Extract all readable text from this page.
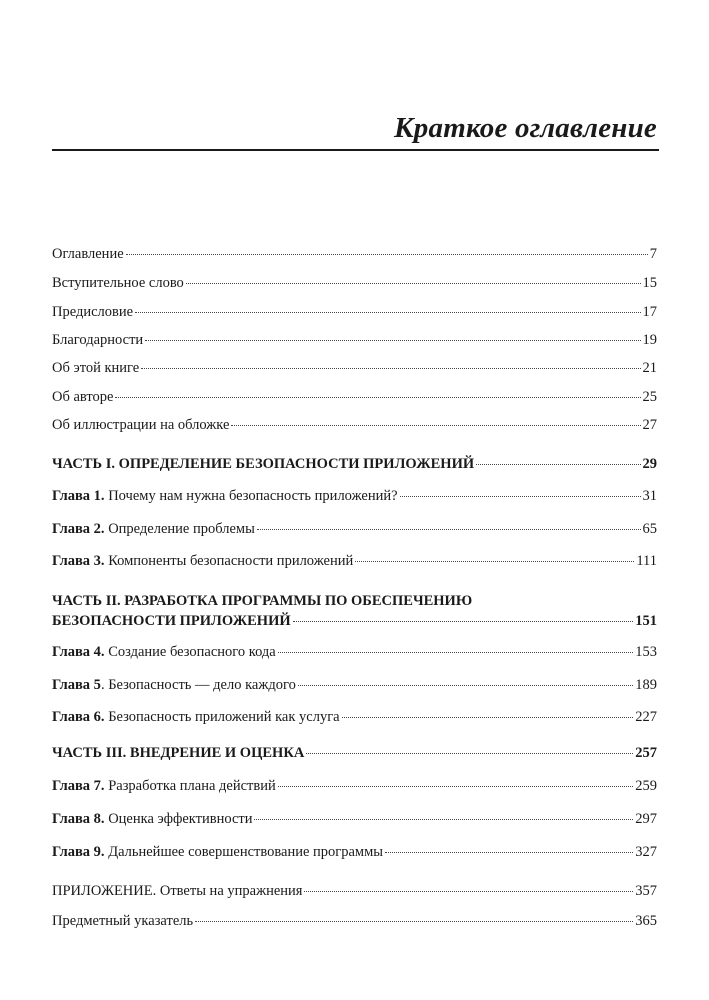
Краткое оглавление
Оглавление	7
Вступительное слово	15
Предисловие	17
Благодарности	19
Об этой книге	21
Об авторе	25
Об иллюстрации на обложке	27
ЧАСТЬ I. ОПРЕДЕЛЕНИЕ БЕЗОПАСНОСТИ ПРИЛОЖЕНИЙ	29
Глава 1. Почему нам нужна безопасность приложений?	31
Глава 2. Определение проблемы	65
Глава 3. Компоненты безопасности приложений	111
ЧАСТЬ II. РАЗРАБОТКА ПРОГРАММЫ ПО ОБЕСПЕЧЕНИЮ
БЕЗОПАСНОСТИ ПРИЛОЖЕНИЙ	151
Глава 4. Создание безопасного кода	153
Глава 5. Безопасность — дело каждого	189
Глава 6. Безопасность приложений как услуга	227
ЧАСТЬ III. ВНЕДРЕНИЕ И ОЦЕНКА	257
Глава 7. Разработка плана действий	259
Глава 8. Оценка эффективности	297
Глава 9. Дальнейшее совершенствование программы	327
ПРИЛОЖЕНИЕ. Ответы на упражнения	357
Предметный указатель	365
